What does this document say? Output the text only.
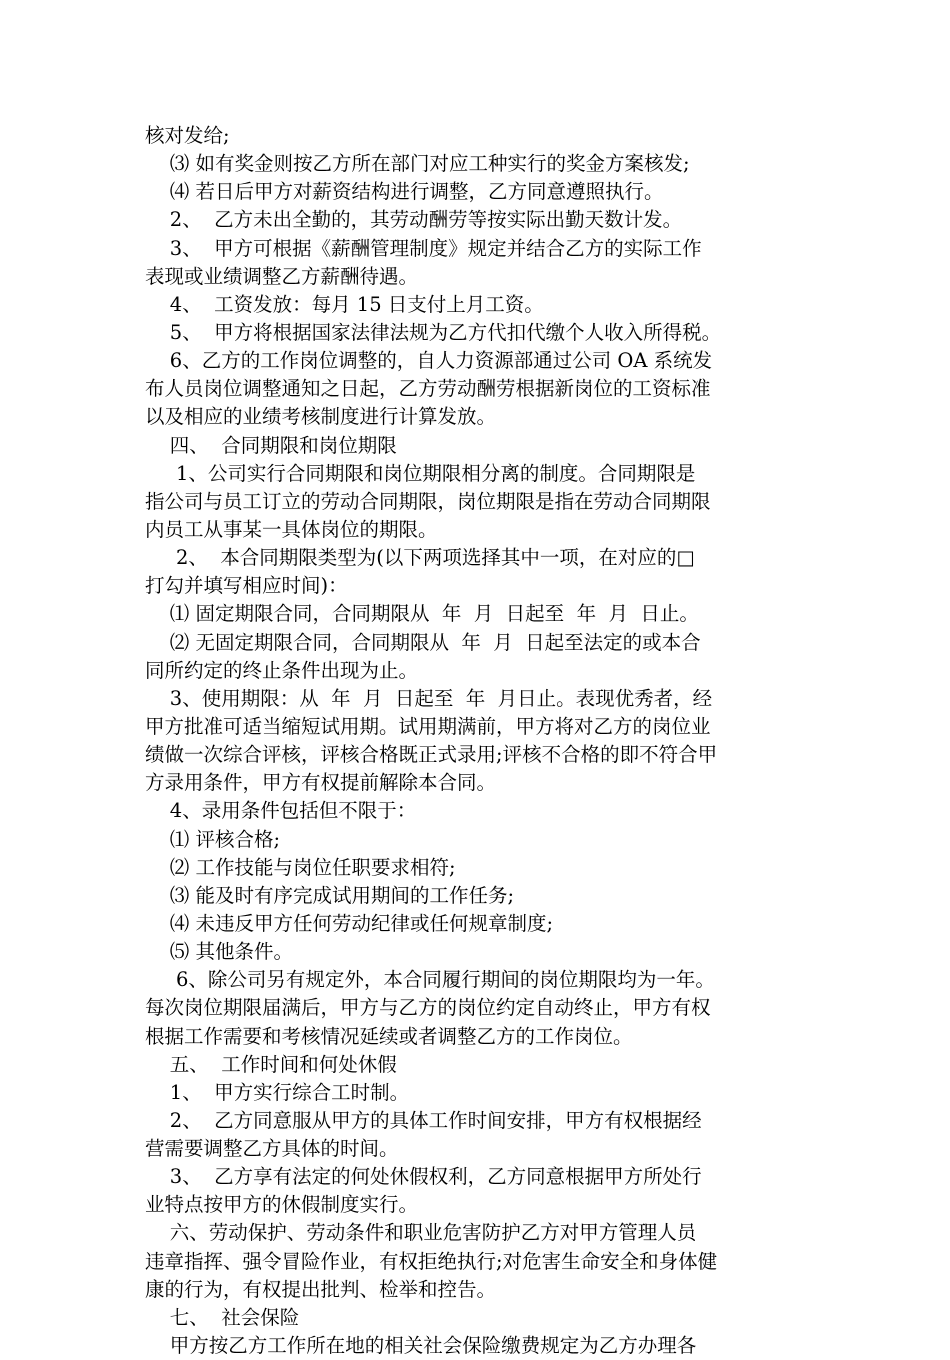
核对发给;
⑶ 如有奖金则按乙方所在部门对应工种实行的奖金方案核发;
⑷ 若日后甲方对薪资结构进行调整，乙方同意遵照执行。
2、  乙方未出全勤的，其劳动酬劳等按实际出勤天数计发。
3、  甲方可根据《薪酬管理制度》规定并结合乙方的实际工作
表现或业绩调整乙方薪酬待遇。
4、  工资发放：每月 15 日支付上月工资。
5、  甲方将根据国家法律法规为乙方代扣代缴个人收入所得税。
6、乙方的工作岗位调整的，自人力资源部通过公司 OA 系统发
布人员岗位调整通知之日起，乙方劳动酬劳根据新岗位的工资标准
以及相应的业绩考核制度进行计算发放。
四、  合同期限和岗位期限
1、公司实行合同期限和岗位期限相分离的制度。合同期限是
指公司与员工订立的劳动合同期限，岗位期限是指在劳动合同期限
内员工从事某一具体岗位的期限。
2、  本合同期限类型为(以下两项选择其中一项，在对应的□
打勾并填写相应时间)：
⑴ 固定期限合同，合同期限从  年  月  日起至  年  月  日止。
⑵ 无固定期限合同，合同期限从  年  月  日起至法定的或本合
同所约定的终止条件出现为止。
3、使用期限：从  年  月  日起至  年  月日止。表现优秀者，经
甲方批准可适当缩短试用期。试用期满前，甲方将对乙方的岗位业
绩做一次综合评核，评核合格既正式录用;评核不合格的即不符合甲
方录用条件，甲方有权提前解除本合同。
4、录用条件包括但不限于：
⑴ 评核合格;
⑵ 工作技能与岗位任职要求相符;
⑶ 能及时有序完成试用期间的工作任务;
⑷ 未违反甲方任何劳动纪律或任何规章制度;
⑸ 其他条件。
6、除公司另有规定外，本合同履行期间的岗位期限均为一年。
每次岗位期限届满后，甲方与乙方的岗位约定自动终止，甲方有权
根据工作需要和考核情况延续或者调整乙方的工作岗位。
五、  工作时间和何处休假
1、  甲方实行综合工时制。
2、  乙方同意服从甲方的具体工作时间安排，甲方有权根据经
营需要调整乙方具体的时间。
3、  乙方享有法定的何处休假权利，乙方同意根据甲方所处行
业特点按甲方的休假制度实行。
六、劳动保护、劳动条件和职业危害防护乙方对甲方管理人员
违章指挥、强令冒险作业，有权拒绝执行;对危害生命安全和身体健
康的行为，有权提出批判、检举和控告。
七、  社会保险
甲方按乙方工作所在地的相关社会保险缴费规定为乙方办理各
